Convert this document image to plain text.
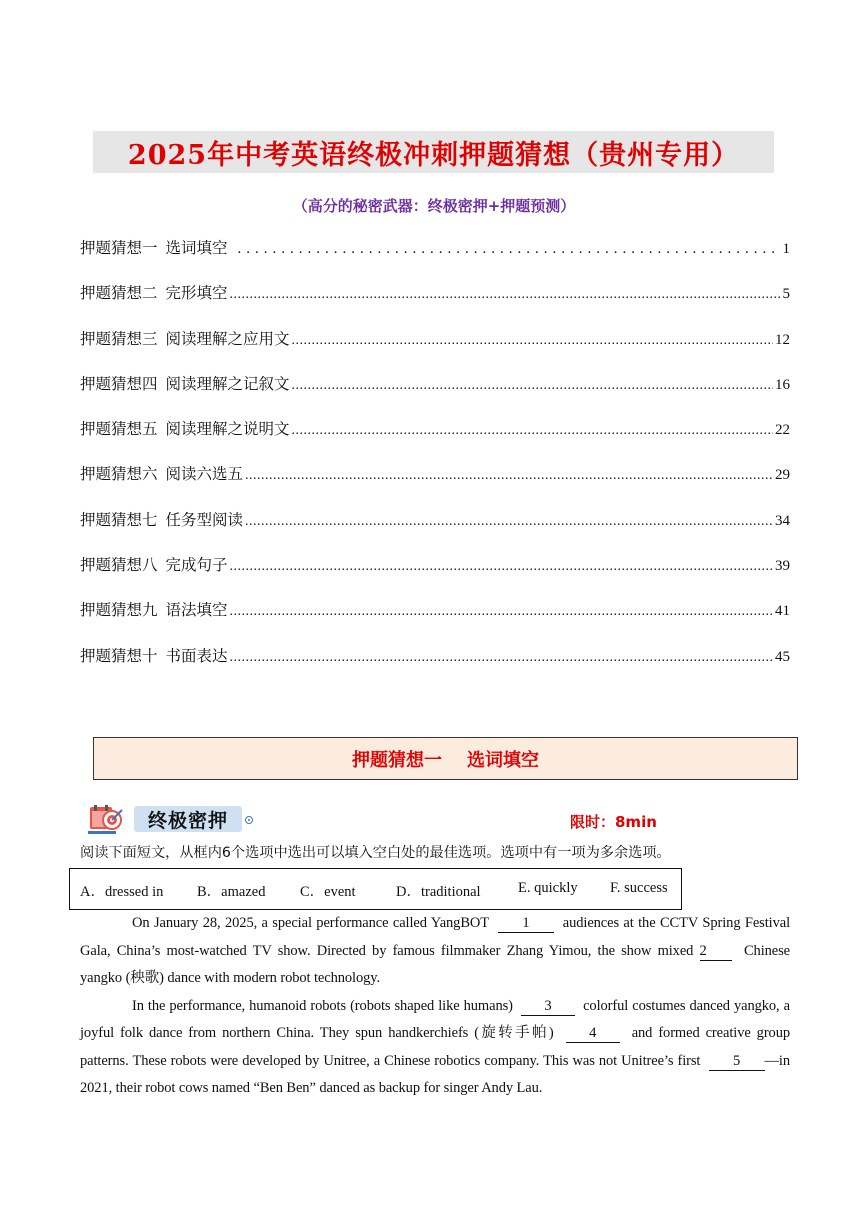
2025年中考英语终极冲刺押题猜想（贵州专用）
（高分的秘密武器：终极密押+押题预测）
押题猜想一 选词填空 .....	1
押题猜想二 完形填空 .....	5
押题猜想三 阅读理解之应用文 .....	12
押题猜想四 阅读理解之记叙文 .....	16
押题猜想五 阅读理解之说明文 .....	22
押题猜想六 阅读六选五 .....	29
押题猜想七 任务型阅读 .....	34
押题猜想八 完成句子 .....	39
押题猜想九 语法填空 .....	41
押题猜想十 书面表达 .....	45
押题猜想一    选词填空
终极密押	限时：8min
阅读下面短文，从框内6个选项中选出可以填入空白处的最佳选项。选项中有一项为多余选项。
A．dressed in B．amazed C．event	D．traditional	E. quickly F. success

On January 28, 2025, a special performance called YangBOT 1 audiences at the CCTV Spring Festival Gala, China’s most-watched TV show. Directed by famous filmmaker Zhang Yimou, the show mixed 2	Chinese yangko (秧歌) dance with modern robot technology.

In the performance, humanoid robots (robots shaped like humans) 3 colorful costumes danced yangko, a joyful folk dance from northern China. They spun handkerchiefs (旋转手帕) 4 and formed creative group patterns. These robots were developed by Unitree, a Chinese robotics company. This was not Unitree’s first 5 —in 2021, their robot cows named “Ben Ben” danced as backup for singer Andy Lau.
